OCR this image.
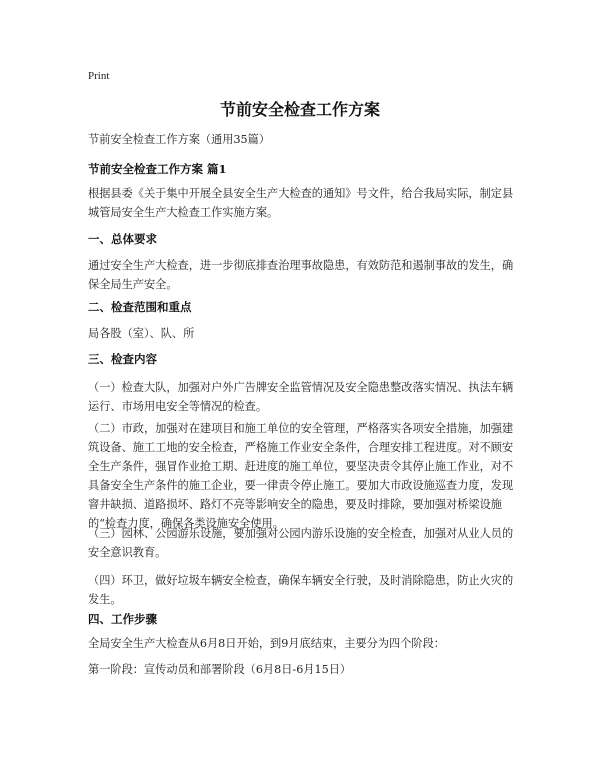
Print
节前安全检查工作方案
节前安全检查工作方案（通用35篇）
节前安全检查工作方案 篇1
根据县委《关于集中开展全县安全生产大检查的通知》号文件，给合我局实际，制定县城管局安全生产大检查工作实施方案。
一、总体要求
通过安全生产大检查，进一步彻底排查治理事故隐患，有效防范和遏制事故的发生，确保全局生产安全。
二、检查范围和重点
局各股（室）、队、所
三、检查内容
（一）检查大队，加强对户外广告牌安全监管情况及安全隐患整改落实情况、执法车辆运行、市场用电安全等情况的检查。
（二）市政，加强对在建项目和施工单位的安全管理，严格落实各项安全措施，加强建筑设备、施工工地的安全检查，严格施工作业安全条件，合理安排工程进度。对不顾安全生产条件，强冒作业抢工期、赶进度的施工单位，要坚决责令其停止施工作业，对不具备安全生产条件的施工企业，要一律责令停止施工。要加大市政设施巡查力度，发现窨井缺损、道路损坏、路灯不亮等影响安全的隐患，要及时排除，要加强对桥梁设施的“检查力度，确保各类设施安全使用。
（三）园林、公园游乐设施，要加强对公园内游乐设施的安全检查，加强对从业人员的安全意识教育。
（四）环卫，做好垃圾车辆安全检查，确保车辆安全行驶，及时消除隐患，防止火灾的发生。
四、工作步骤
全局安全生产大检查从6月8日开始，到9月底结束，主要分为四个阶段：
第一阶段：宣传动员和部署阶段（6月8日-6月15日）
